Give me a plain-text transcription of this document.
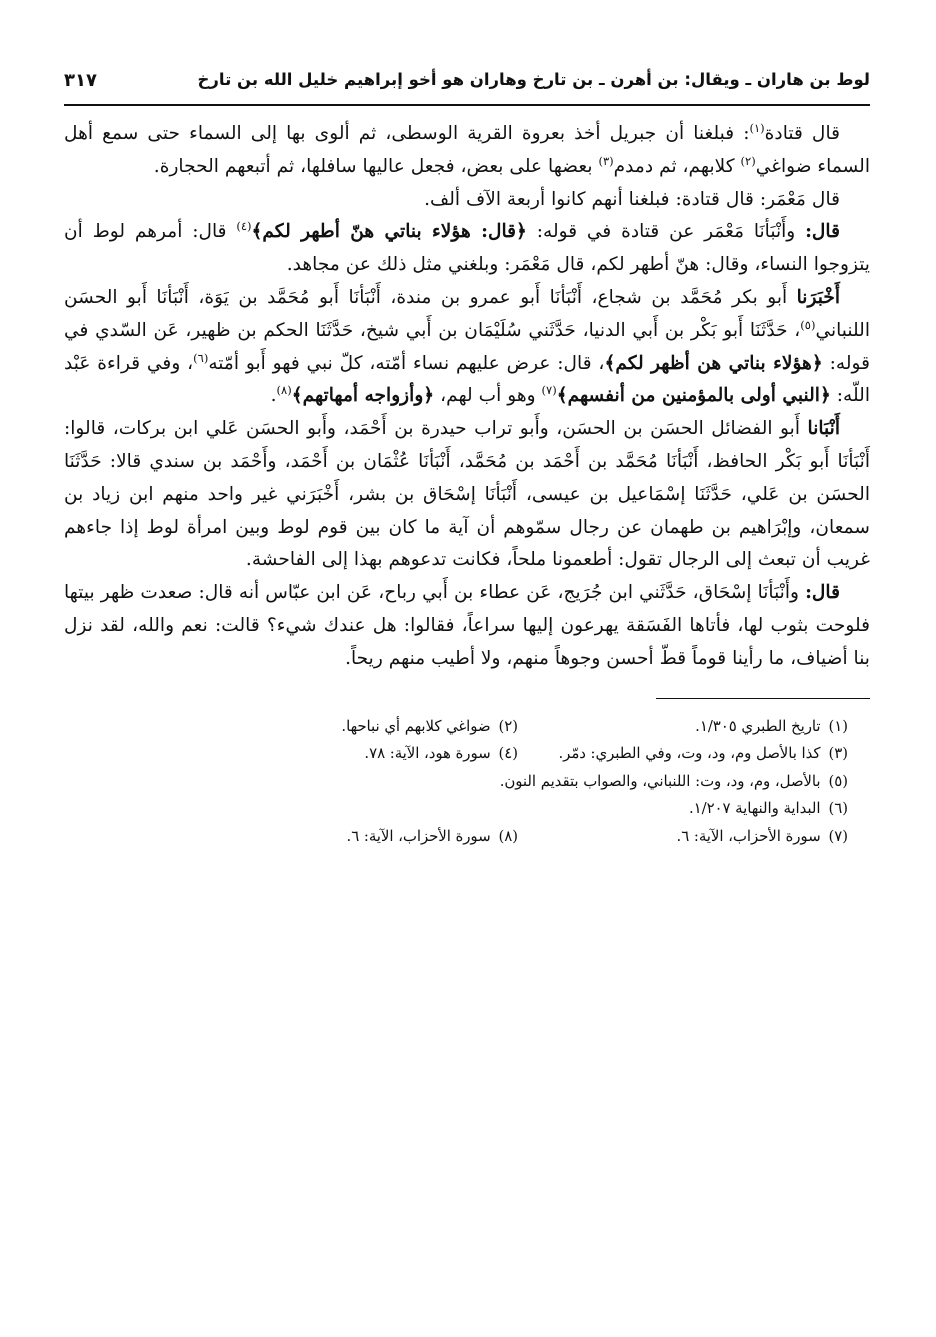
لوط بن هاران ـ ويقال: بن أهرن ـ بن تارخ وهاران هو أخو إبراهيم خليل الله بن تارخ
٣١٧

قال قتادة$^{(١)}$: فبلغنا أن جبريل أخذ بعروة القرية الوسطى، ثم ألوى بها إلى السماء حتى سمع أهل السماء ضواغي$^{(٢)}$ كلابهم، ثم دمدم$^{(٣)}$ بعضها على بعض، فجعل عاليها سافلها، ثم أتبعهم الحجارة.

قال مَعْمَر: قال قتادة: فبلغنا أنهم كانوا أربعة الآف ألف.

قال: وأَنْبَأنَا مَعْمَر عن قتادة في قوله: ﴿قال: هؤلاء بناتي هنّ أطهر لكم﴾$^{(٤)}$ قال: أمرهم لوط أن يتزوجوا النساء، وقال: هنّ أطهر لكم، قال مَعْمَر: وبلغني مثل ذلك عن مجاهد.

أَخْبَرَنا أَبو بكر مُحَمَّد بن شجاع، أَنْبَأنَا أَبو عمرو بن مندة، أَنْبَأنَا أَبو مُحَمَّد بن يَوَة، أَنْبَأنَا أَبو الحسَن اللنباني$^{(٥)}$، حَدَّثَنَا أَبو بَكْر بن أَبي الدنيا، حَدَّثَني سُلَيْمَان بن أَبي شيخ، حَدَّثَنَا الحكم بن ظهير، عَن السّدي في قوله: ﴿هؤلاء بناتي هن أظهر لكم﴾، قال: عرض عليهم نساء أمّته، كلّ نبي فهو أَبو أمّته$^{(٦)}$، وفي قراءة عَبْد اللّه: ﴿النبي أولى بالمؤمنين من أنفسهم﴾$^{(٧)}$ وهو أب لهم، ﴿وأزواجه أمهاتهم﴾$^{(٨)}$.

أَنْبَانا أَبو الفضائل الحسَن بن الحسَن، وأَبو تراب حيدرة بن أَحْمَد، وأَبو الحسَن عَلي ابن بركات، قالوا: أَنْبَأنَا أَبو بَكْر الحافظ، أَنْبَأنَا مُحَمَّد بن أَحْمَد بن مُحَمَّد، أَنْبَأنَا عُثْمَان بن أَحْمَد، وأَحْمَد بن سندي قالا: حَدَّثَنَا الحسَن بن عَلي، حَدَّثَنَا إسْمَاعيل بن عيسى، أَنْبَأنَا إسْحَاق بن بشر، أَخْبَرَني غير واحد منهم ابن زياد بن سمعان، وإبْرَاهيم بن طهمان عن رجال سمّوهم أن آية ما كان بين قوم لوط وبين امرأة لوط إذا جاءهم غريب أن تبعث إلى الرجال تقول: أطعمونا ملحاً، فكانت تدعوهم بهذا إلى الفاحشة.

قال: وأَنْبَأنَا إسْحَاق، حَدَّثَني ابن جُرَيج، عَن عطاء بن أَبي رباح، عَن ابن عبّاس أنه قال: صعدت ظهر بيتها فلوحت بثوب لها، فأتاها الفَسَقة يهرعون إليها سراعاً، فقالوا: هل عندك شيء؟ قالت: نعم والله، لقد نزل بنا أضياف، ما رأينا قوماً قطّ أحسن وجوهاً منهم، ولا أطيب منهم ريحاً.

(١)تاريخ الطبري ١/٣٠٥.
(٢)ضواغي كلابهم أي نباحها.
(٣)كذا بالأصل وم، ود، وت، وفي الطبري: دمّر.
(٤)سورة هود، الآية: ٧٨.
(٥)بالأصل، وم، ود، وت: اللنباني، والصواب بتقديم النون.
(٦)البداية والنهاية ١/٢٠٧.
(٧)سورة الأحزاب، الآية: ٦.
(٨)سورة الأحزاب، الآية: ٦.
